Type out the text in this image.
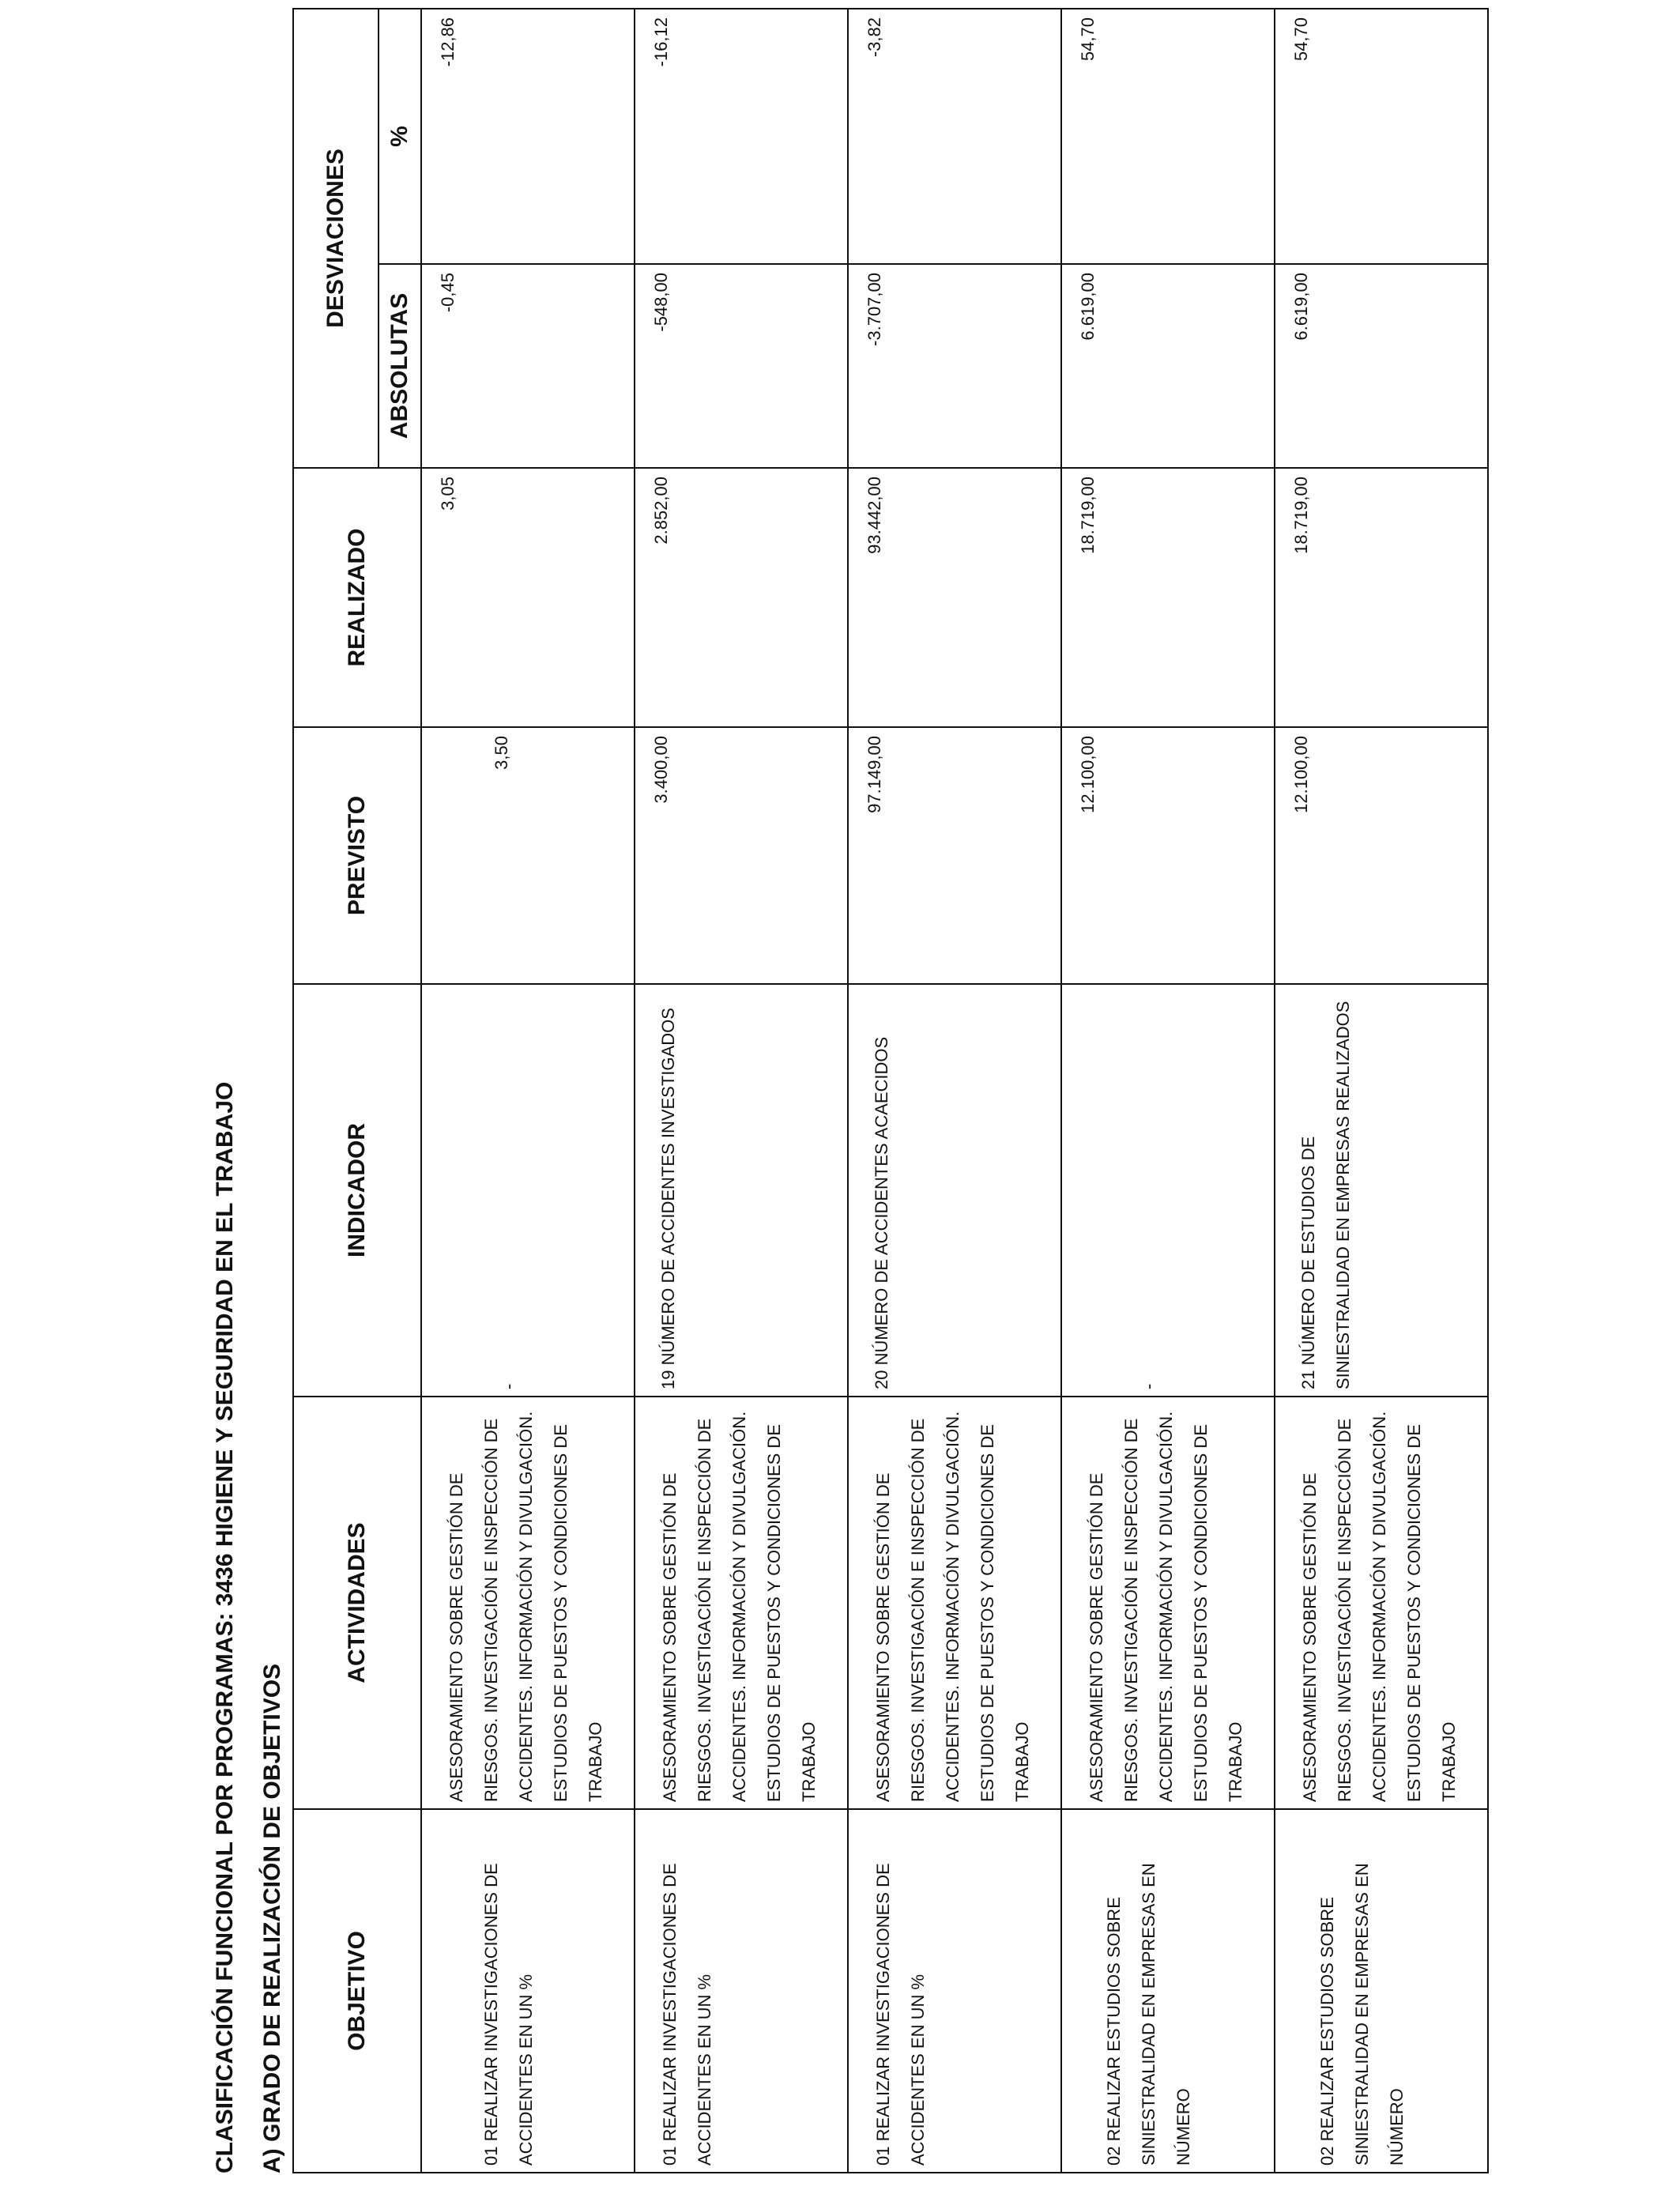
CLASIFICACIÓN FUNCIONAL POR PROGRAMAS: 3436 HIGIENE Y SEGURIDAD EN EL TRABAJO A) GRADO DE REALIZACIÓN DE OBJETIVOS OBJETIVO	ACTIVIDADES	INDICADOR	PREVISTO	REALIZADO	DESVIACIONES	
					ABSOLUTAS	%
01 REALIZAR INVESTIGACIONES DE ACCIDENTES EN UN %	ASESORAMIENTO SOBRE GESTIÓN DE RIESGOS. INVESTIGACIÓN E INSPECCIÓN DE ACCIDENTES. INFORMACIÓN Y DIVULGACIÓN. ESTUDIOS DE PUESTOS Y CONDICIONES DE TRABAJO	-	3,50	3,05	-0,45	-12,86
01 REALIZAR INVESTIGACIONES DE ACCIDENTES EN UN %	ASESORAMIENTO SOBRE GESTIÓN DE RIESGOS. INVESTIGACIÓN E INSPECCIÓN DE ACCIDENTES. INFORMACIÓN Y DIVULGACIÓN. ESTUDIOS DE PUESTOS Y CONDICIONES DE TRABAJO	19 NÚMERO DE ACCIDENTES INVESTIGADOS	3.400,00	2.852,00	-548,00	-16,12
01 REALIZAR INVESTIGACIONES DE ACCIDENTES EN UN %	ASESORAMIENTO SOBRE GESTIÓN DE RIESGOS. INVESTIGACIÓN E INSPECCIÓN DE ACCIDENTES. INFORMACIÓN Y DIVULGACIÓN. ESTUDIOS DE PUESTOS Y CONDICIONES DE TRABAJO	20 NÚMERO DE ACCIDENTES ACAECIDOS	97.149,00	93.442,00	-3.707,00	-3,82
02 REALIZAR ESTUDIOS SOBRE SINIESTRALIDAD EN EMPRESAS EN NÚMERO	ASESORAMIENTO SOBRE GESTIÓN DE RIESGOS. INVESTIGACIÓN E INSPECCIÓN DE ACCIDENTES. INFORMACIÓN Y DIVULGACIÓN. ESTUDIOS DE PUESTOS Y CONDICIONES DE TRABAJO	-	12.100,00	18.719,00	6.619,00	54,70
02 REALIZAR ESTUDIOS SOBRE SINIESTRALIDAD EN EMPRESAS EN NÚMERO	ASESORAMIENTO SOBRE GESTIÓN DE RIESGOS. INVESTIGACIÓN E INSPECCIÓN DE ACCIDENTES. INFORMACIÓN Y DIVULGACIÓN. ESTUDIOS DE PUESTOS Y CONDICIONES DE TRABAJO	21 NÚMERO DE ESTUDIOS DE SINIESTRALIDAD EN EMPRESAS REALIZADOS	12.100,00	18.719,00	6.619,00	54,70
